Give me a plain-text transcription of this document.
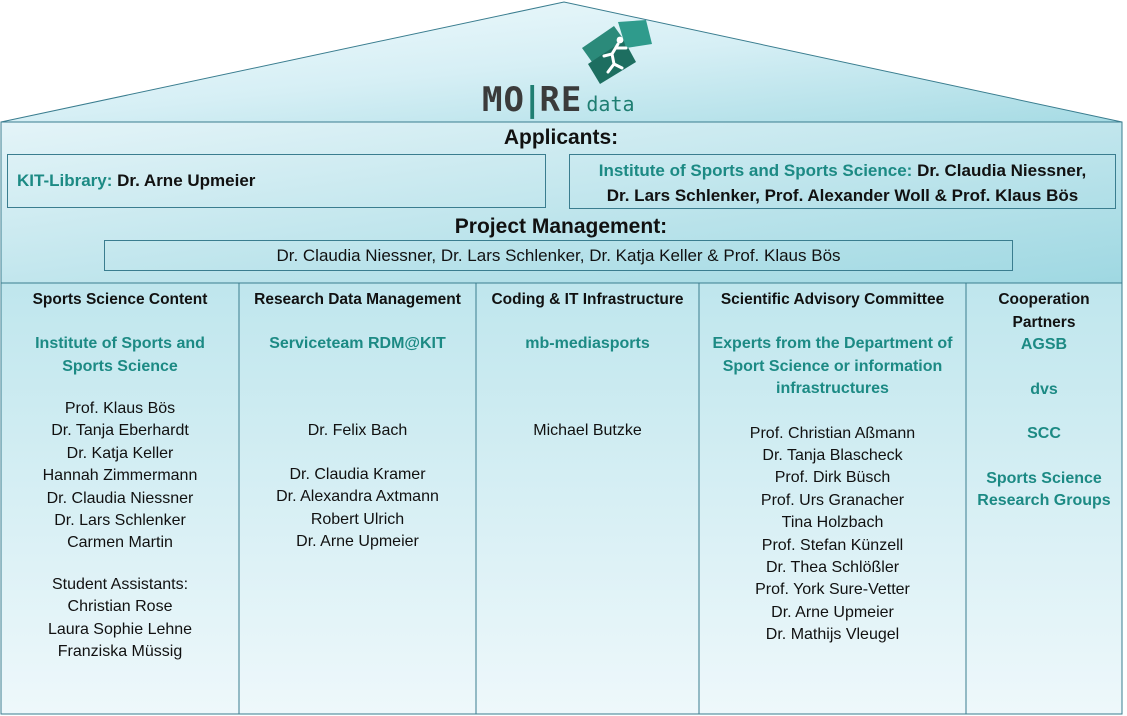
MO|RE data
Applicants:
KIT-Library: Dr. Arne Upmeier
Institute of Sports and Sports Science: Dr. Claudia Niessner,
Dr. Lars Schlenker, Prof. Alexander Woll & Prof. Klaus Bös
Project Management:
Dr. Claudia Niessner, Dr. Lars Schlenker, Dr. Katja Keller & Prof. Klaus Bös
Sports Science Content
Institute of Sports and
Sports Science
Prof. Klaus Bös
Dr. Tanja Eberhardt
Dr. Katja Keller
Hannah Zimmermann
Dr. Claudia Niessner
Dr. Lars Schlenker
Carmen Martin
Student Assistants:
Christian Rose
Laura Sophie Lehne
Franziska Müssig
Research Data Management
Serviceteam RDM@KIT
Dr. Felix Bach
Dr. Claudia Kramer
Dr. Alexandra Axtmann
Robert Ulrich
Dr. Arne Upmeier
Coding & IT Infrastructure
mb-mediasports
Michael Butzke
Scientific Advisory Committee
Experts from the Department of
Sport Science or information
infrastructures
Prof. Christian Aßmann
Dr. Tanja Blascheck
Prof. Dirk Büsch
Prof. Urs Granacher
Tina Holzbach
Prof. Stefan Künzell
Dr. Thea Schlößler
Prof. York Sure-Vetter
Dr. Arne Upmeier
Dr. Mathijs Vleugel
Cooperation
Partners
AGSB
dvs
SCC
Sports Science
Research Groups
